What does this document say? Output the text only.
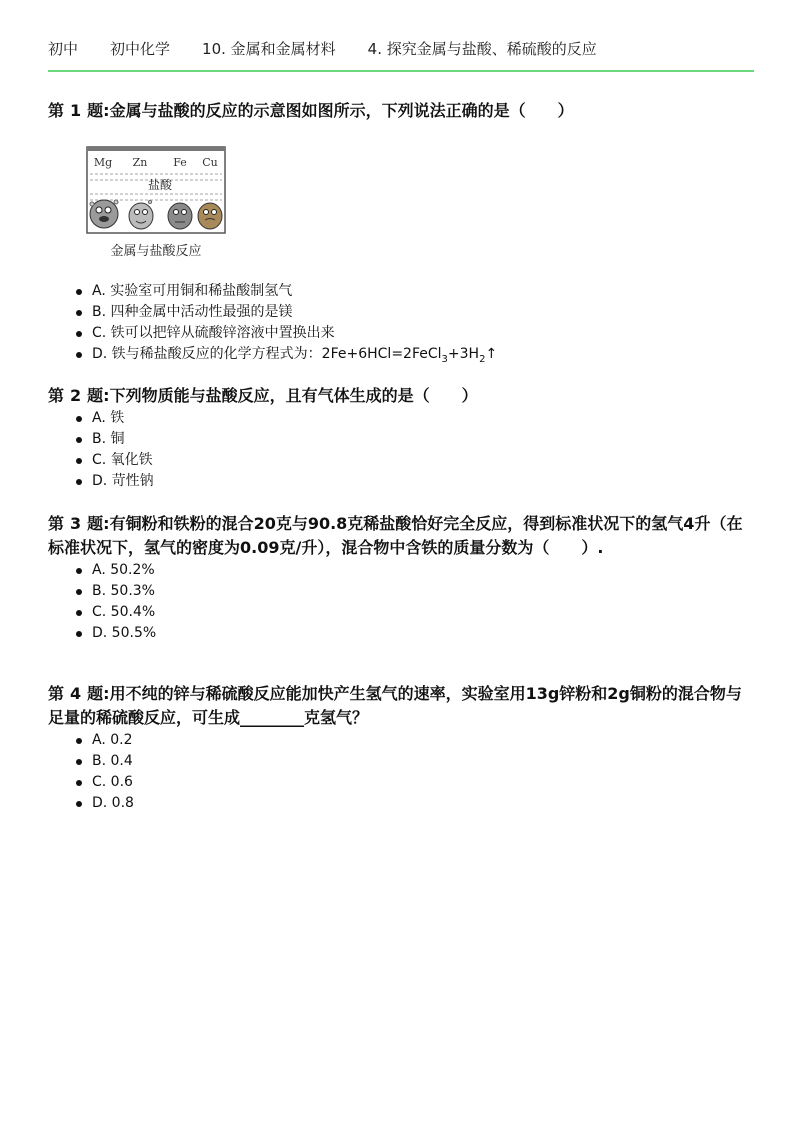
初中 初中化学 10. 金属和金属材料 4. 探究金属与盐酸、稀硫酸的反应

第 1 题:金属与盐酸的反应的示意图如图所示，下列说法正确的是（　　）

Mg Zn Fe Cu
盐酸
金属与盐酸反应
A. 实验室可用铜和稀盐酸制氢气
B. 四种金属中活动性最强的是镁
C. 铁可以把锌从硫酸锌溶液中置换出来
D. 铁与稀盐酸反应的化学方程式为：$2Fe+6HCl=2FeCl_3+3H_2↑$

第 2 题:下列物质能与盐酸反应，且有气体生成的是（　　）

A. 铁
B. 铜
C. 氧化铁
D. 苛性钠

第 3 题:有铜粉和铁粉的混合20克与90.8克稀盐酸恰好完全反应，得到标准状况下的氢气4升（在标准状况下，氢气的密度为0.09克/升），混合物中含铁的质量分数为（　　）.

A. 50.2%
B. 50.3%
C. 50.4%
D. 50.5%

第 4 题:用不纯的锌与稀硫酸反应能加快产生氢气的速率，实验室用13g锌粉和2g铜粉的混合物与足量的稀硫酸反应，可生成________克氢气？

A. 0.2
B. 0.4
C. 0.6
D. 0.8
